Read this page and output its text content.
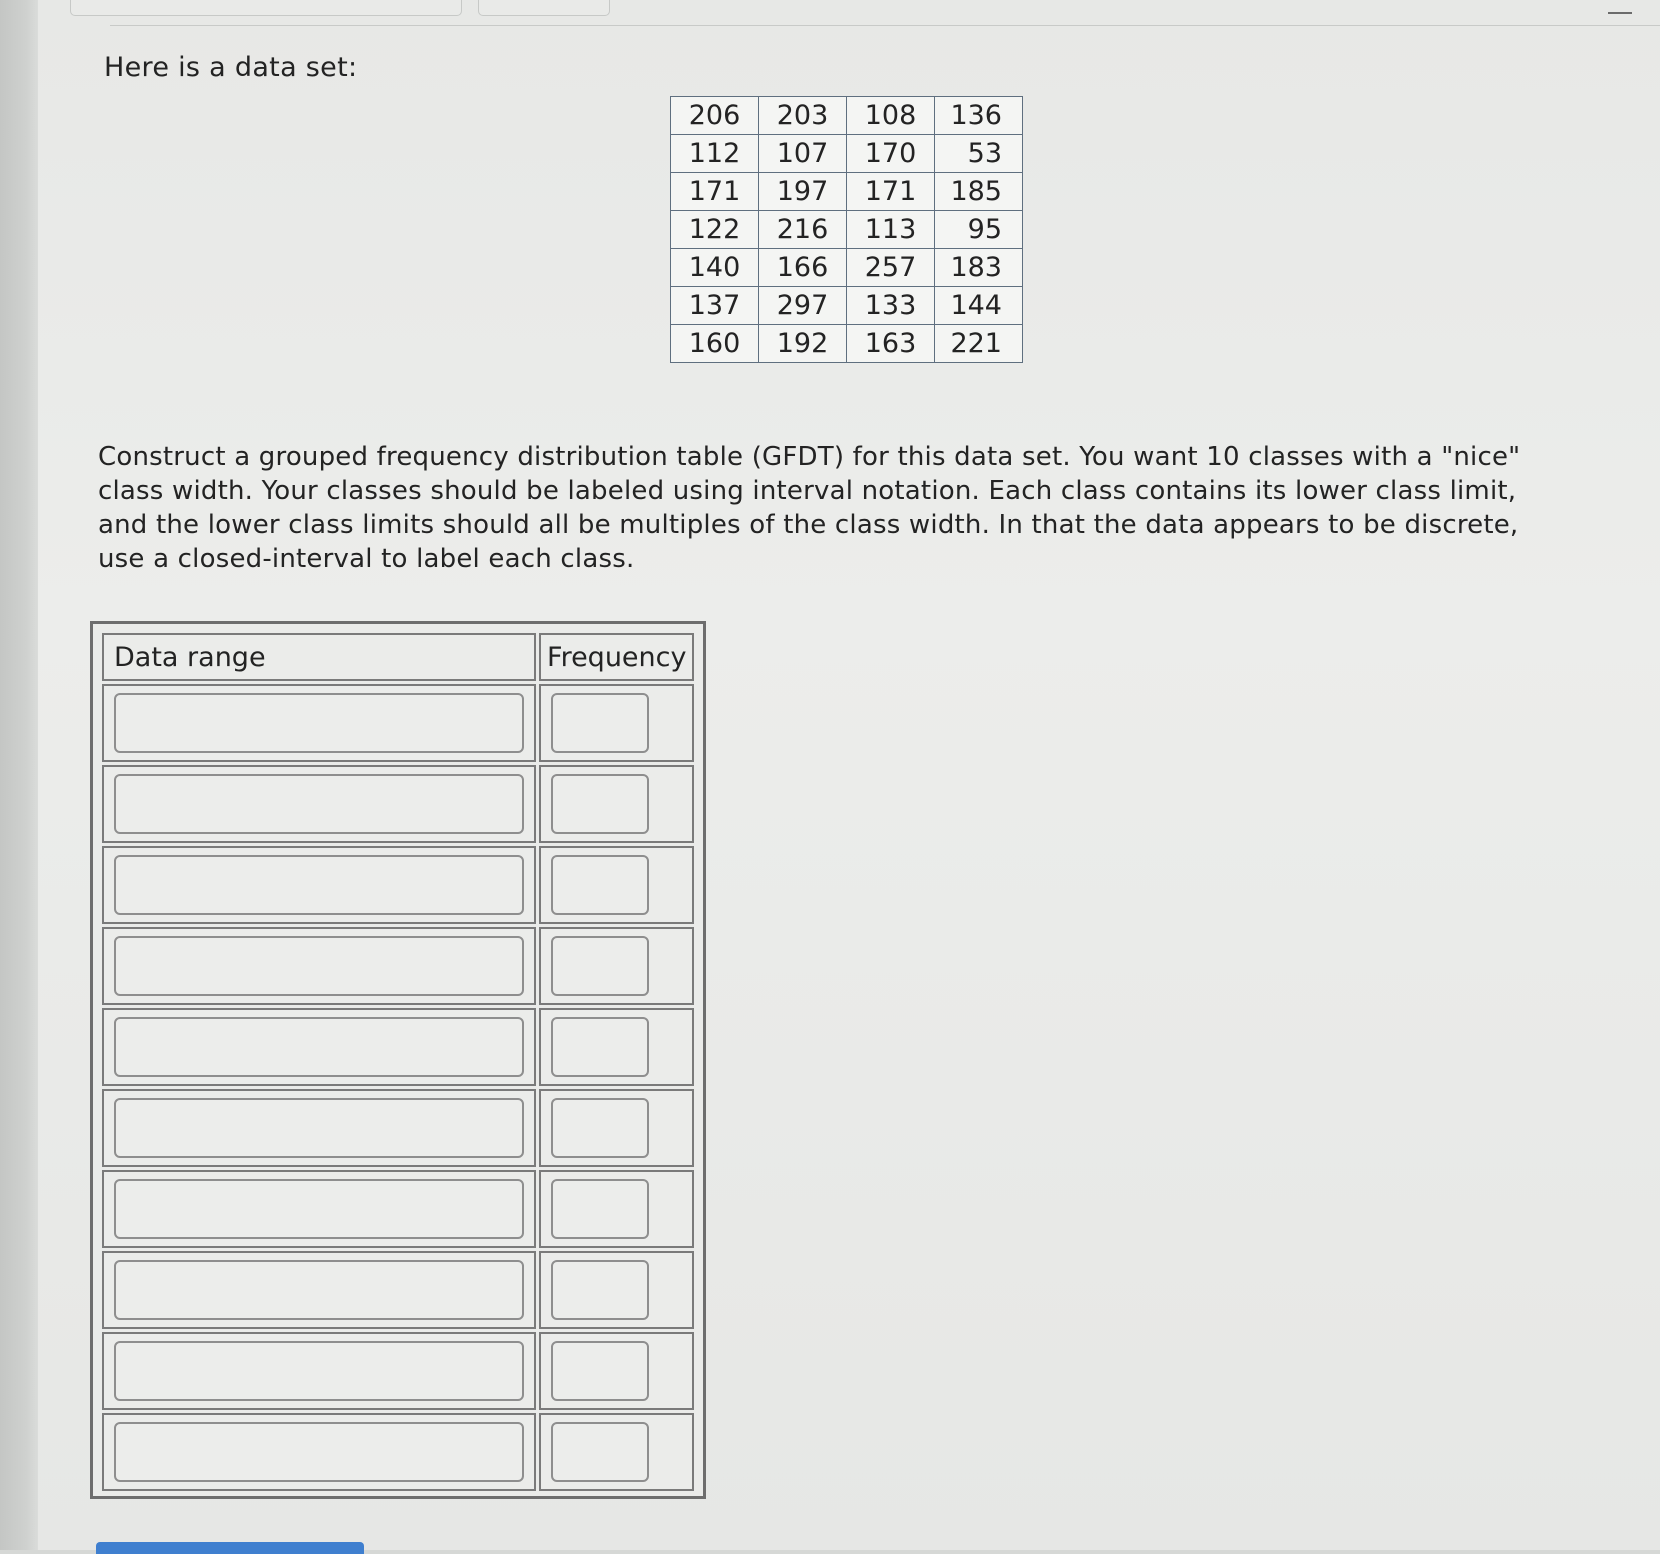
Here is a data set:
206	203	108	136
112	107	170	53
171	197	171	185
122	216	113	95
140	166	257	183
137	297	133	144
160	192	163	221

Construct a grouped frequency distribution table (GFDT) for this data set. You want 10 classes with a "nice" class width. Your classes should be labeled using interval notation. Each class contains its lower class limit, and the lower class limits should all be multiples of the class width. In that the data appears to be discrete, use a closed-interval to label each class.

Data range	Frequency
